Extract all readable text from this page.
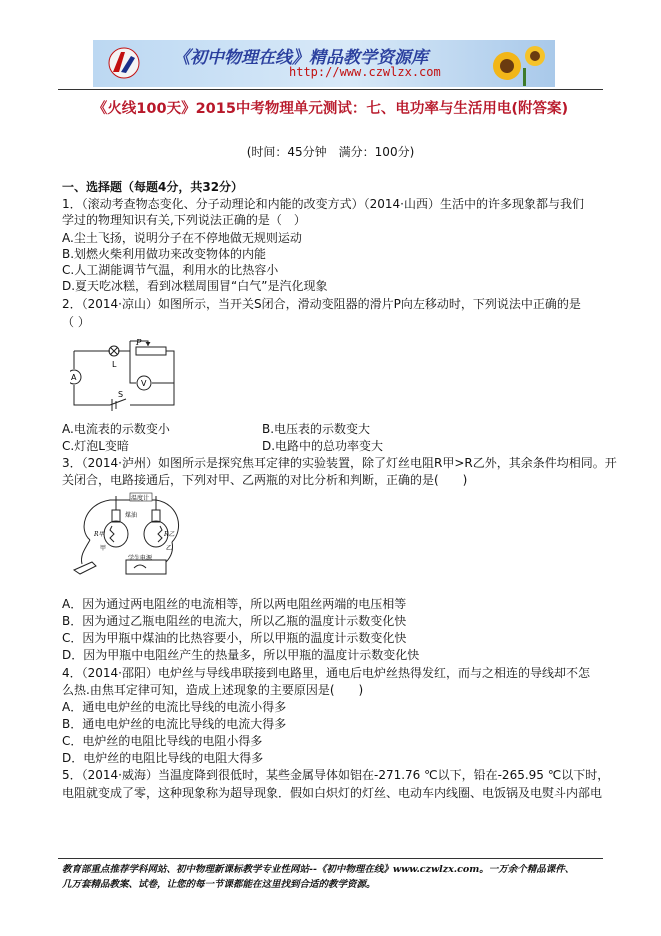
《初中物理在线》精品教学资源库
http://www.czwlzx.com
《火线100天》2015中考物理单元测试：七、电功率与生活用电(附答案)
(时间：45分钟　满分：100分)
一、选择题（每题4分，共32分）
1．（滚动考查物态变化、分子动理论和内能的改变方式）（2014·山西）生活中的许多现象都与我们
学过的物理知识有关,下列说法正确的是（　）
A.尘土飞扬，说明分子在不停地做无规则运动
B.划燃火柴利用做功来改变物体的内能
C.人工湖能调节气温，利用水的比热容小
D.夏天吃冰糕，看到冰糕周围冒“白气”是汽化现象
2．（2014·凉山）如图所示，当开关S闭合，滑动变阻器的滑片P向左移动时，下列说法中正确的是
（ ）
P
L
A
V
S
A.电流表的示数变小	B.电压表的示数变大
C.灯泡L变暗	D.电路中的总功率变大
3．（2014·泸州）如图所示是探究焦耳定律的实验装置，除了灯丝电阻R甲>R乙外，其余条件均相同。开
关闭合，电路接通后，下列对甲、乙两瓶的对比分析和判断，正确的是(　　)
温度计
煤油
R甲	R乙
甲	乙
学生电源
A．因为通过两电阻丝的电流相等，所以两电阻丝两端的电压相等
B．因为通过乙瓶电阻丝的电流大，所以乙瓶的温度计示数变化快
C．因为甲瓶中煤油的比热容要小，所以甲瓶的温度计示数变化快
D．因为甲瓶中电阻丝产生的热量多，所以甲瓶的温度计示数变化快
4．（2014·邵阳）电炉丝与导线串联接到电路里，通电后电炉丝热得发红，而与之相连的导线却不怎
么热.由焦耳定律可知，造成上述现象的主要原因是(　　)
A．通电电炉丝的电流比导线的电流小得多
B．通电电炉丝的电流比导线的电流大得多
C．电炉丝的电阻比导线的电阻小得多
D．电炉丝的电阻比导线的电阻大得多
5．（2014·威海）当温度降到很低时，某些金属导体如铝在-271.76 ℃以下，铅在-265.95 ℃以下时，
电阻就变成了零，这种现象称为超导现象．假如白炽灯的灯丝、电动车内线圈、电饭锅及电熨斗内部电
教育部重点推荐学科网站、初中物理新课标教学专业性网站--《初中物理在线》www.czwlzx.com。一万余个精品课件、
几万套精品教案、试卷，让您的每一节课都能在这里找到合适的教学资源。
